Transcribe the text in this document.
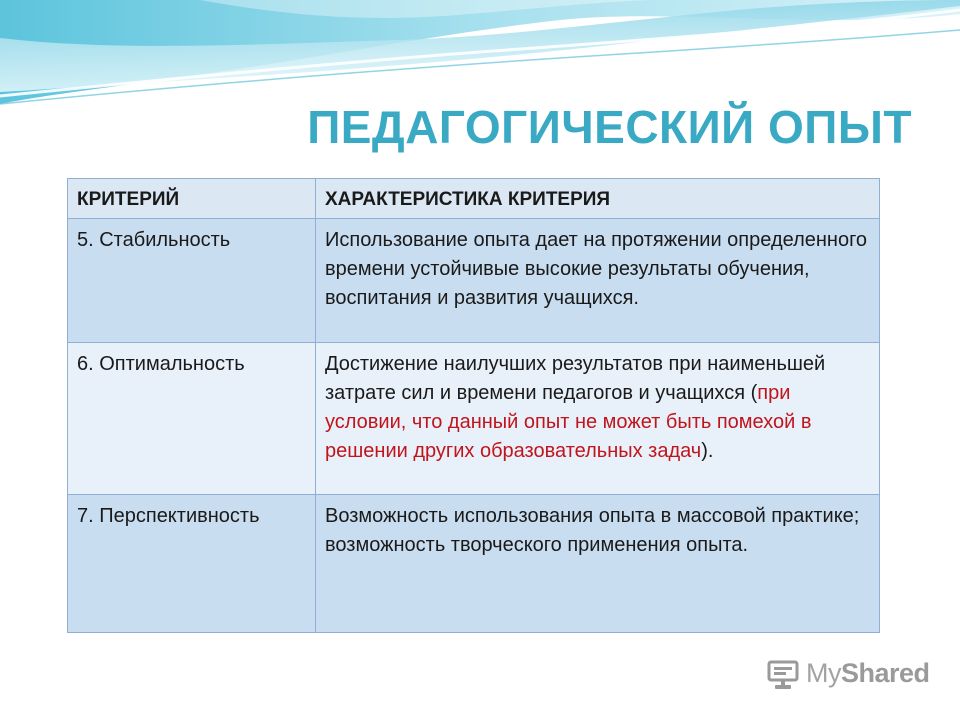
ПЕДАГОГИЧЕСКИЙ ОПЫТ
КРИТЕРИЙ	ХАРАКТЕРИСТИКА КРИТЕРИЯ
5. Стабильность	Использование опыта дает на протяжении определенного времени устойчивые высокие результаты обучения, воспитания и развития учащихся.
6. Оптимальность	Достижение наилучших результатов при наименьшей затрате сил и времени педагогов и учащихся (при условии, что данный опыт не может быть помехой в решении других образовательных задач).
7. Перспективность	Возможность использования опыта в массовой практике; возможность творческого применения опыта.
MyShared
